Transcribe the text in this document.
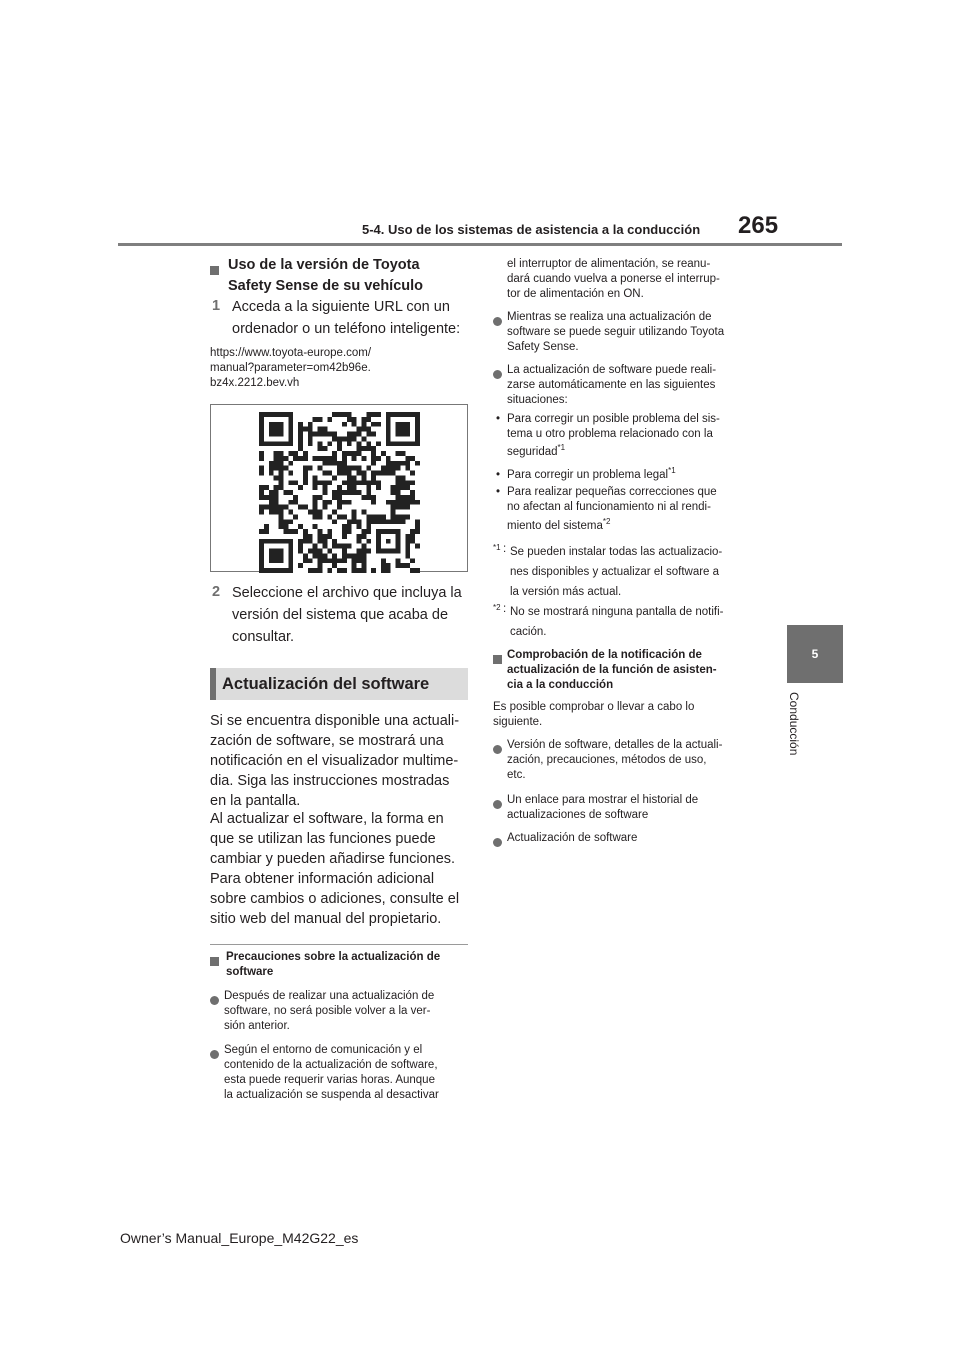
5-4. Uso de los sistemas de asistencia a la conducción 265
5
Conducción
Uso de la versión de Toyota
Safety Sense de su vehículo
1 Acceda a la siguiente URL con un
ordenador o un teléfono inteligente:
https://www.toyota-europe.com/
manual?parameter=om42b96e.
bz4x.2212.bev.vh
2 Seleccione el archivo que incluya la
versión del sistema que acaba de
consultar.
Actualización del software
Si se encuentra disponible una actuali-
zación de software, se mostrará una
notificación en el visualizador multime-
dia. Siga las instrucciones mostradas
en la pantalla.
Al actualizar el software, la forma en
que se utilizan las funciones puede
cambiar y pueden añadirse funciones.
Para obtener información adicional
sobre cambios o adiciones, consulte el
sitio web del manual del propietario.
Precauciones sobre la actualización de
software
Después de realizar una actualización de
software, no será posible volver a la ver-
sión anterior.
Según el entorno de comunicación y el
contenido de la actualización de software,
esta puede requerir varias horas. Aunque
la actualización se suspenda al desactivar
el interruptor de alimentación, se reanu-
dará cuando vuelva a ponerse el interrup-
tor de alimentación en ON.
Mientras se realiza una actualización de
software se puede seguir utilizando Toyota
Safety Sense.
La actualización de software puede reali-
zarse automáticamente en las siguientes
situaciones:
• Para corregir un posible problema del sis-
tema u otro problema relacionado con la
seguridad$^{*1}$
• Para corregir un problema legal$^{*1}$
• Para realizar pequeñas correcciones que
no afectan al funcionamiento ni al rendi-
miento del sistema$^{*2}$
*1 : Se pueden instalar todas las actualizacio-
nes disponibles y actualizar el software a
la versión más actual.
*2 : No se mostrará ninguna pantalla de notifi-
cación.
Comprobación de la notificación de
actualización de la función de asisten-
cia a la conducción
Es posible comprobar o llevar a cabo lo
siguiente.
Versión de software, detalles de la actuali-
zación, precauciones, métodos de uso,
etc.
Un enlace para mostrar el historial de
actualizaciones de software
Actualización de software
Owner’s Manual_Europe_M42G22_es
